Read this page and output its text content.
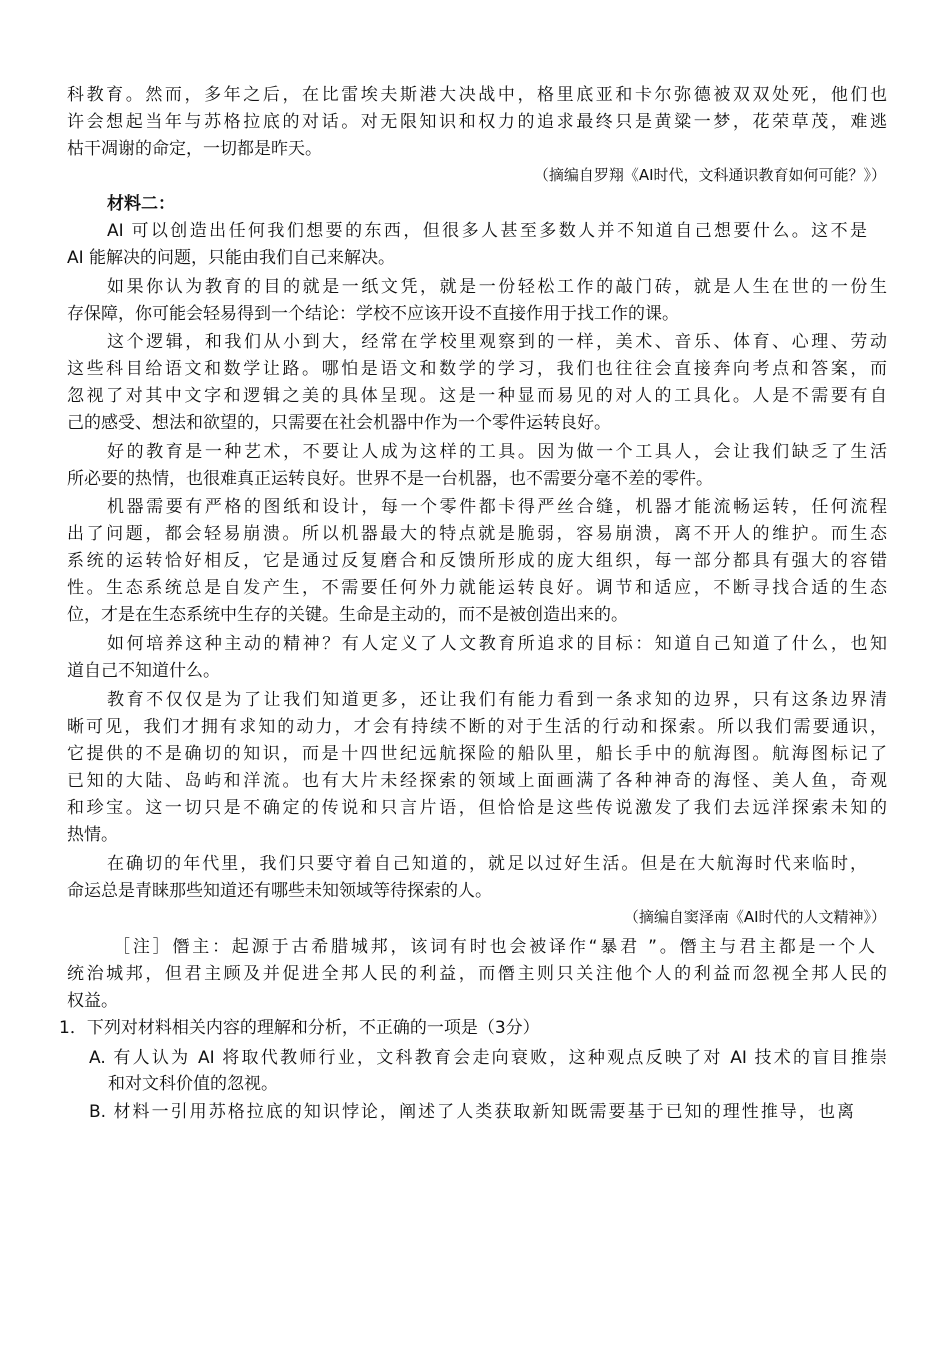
科教育。然而，多年之后，在比雷埃夫斯港大决战中，格里底亚和卡尔弥德被双双处死，他们也
许会想起当年与苏格拉底的对话。对无限知识和权力的追求最终只是黄粱一梦，花荣草茂，难逃
枯干凋谢的命定，一切都是昨天。
（摘编自罗翔《AI时代，文科通识教育如何可能？》）
材料二：
AI 可以创造出任何我们想要的东西，但很多人甚至多数人并不知道自己想要什么。这不是
AI 能解决的问题，只能由我们自己来解决。
如果你认为教育的目的就是一纸文凭，就是一份轻松工作的敲门砖，就是人生在世的一份生
存保障，你可能会轻易得到一个结论：学校不应该开设不直接作用于找工作的课。
这个逻辑，和我们从小到大，经常在学校里观察到的一样，美术、音乐、体育、心理、劳动
这些科目给语文和数学让路。哪怕是语文和数学的学习，我们也往往会直接奔向考点和答案，而
忽视了对其中文字和逻辑之美的具体呈现。这是一种显而易见的对人的工具化。人是不需要有自
己的感受、想法和欲望的，只需要在社会机器中作为一个零件运转良好。
好的教育是一种艺术，不要让人成为这样的工具。因为做一个工具人，会让我们缺乏了生活
所必要的热情，也很难真正运转良好。世界不是一台机器，也不需要分毫不差的零件。
机器需要有严格的图纸和设计，每一个零件都卡得严丝合缝，机器才能流畅运转，任何流程
出了问题，都会轻易崩溃。所以机器最大的特点就是脆弱，容易崩溃，离不开人的维护。而生态
系统的运转恰好相反，它是通过反复磨合和反馈所形成的庞大组织，每一部分都具有强大的容错
性。生态系统总是自发产生，不需要任何外力就能运转良好。调节和适应，不断寻找合适的生态
位，才是在生态系统中生存的关键。生命是主动的，而不是被创造出来的。
如何培养这种主动的精神？有人定义了人文教育所追求的目标：知道自己知道了什么，也知
道自己不知道什么。
教育不仅仅是为了让我们知道更多，还让我们有能力看到一条求知的边界，只有这条边界清
晰可见，我们才拥有求知的动力，才会有持续不断的对于生活的行动和探索。所以我们需要通识，
它提供的不是确切的知识，而是十四世纪远航探险的船队里，船长手中的航海图。航海图标记了
已知的大陆、岛屿和洋流。也有大片未经探索的领域上面画满了各种神奇的海怪、美人鱼，奇观
和珍宝。这一切只是不确定的传说和只言片语，但恰恰是这些传说激发了我们去远洋探索未知的
热情。
在确切的年代里，我们只要守着自己知道的，就足以过好生活。但是在大航海时代来临时，
命运总是青睐那些知道还有哪些未知领域等待探索的人。
（摘编自窦泽南《AI时代的人文精神》）
［注］僭主：起源于古希腊城邦，该词有时也会被译作“暴君 ”。僭主与君主都是一个人
统治城邦，但君主顾及并促进全邦人民的利益，而僭主则只关注他个人的利益而忽视全邦人民的
权益。
1．下列对材料相关内容的理解和分析，不正确的一项是（3分）
A. 有人认为 AI 将取代教师行业，文科教育会走向衰败，这种观点反映了对 AI 技术的盲目推崇
和对文科价值的忽视。
B. 材料一引用苏格拉底的知识悖论，阐述了人类获取新知既需要基于已知的理性推导，也离
